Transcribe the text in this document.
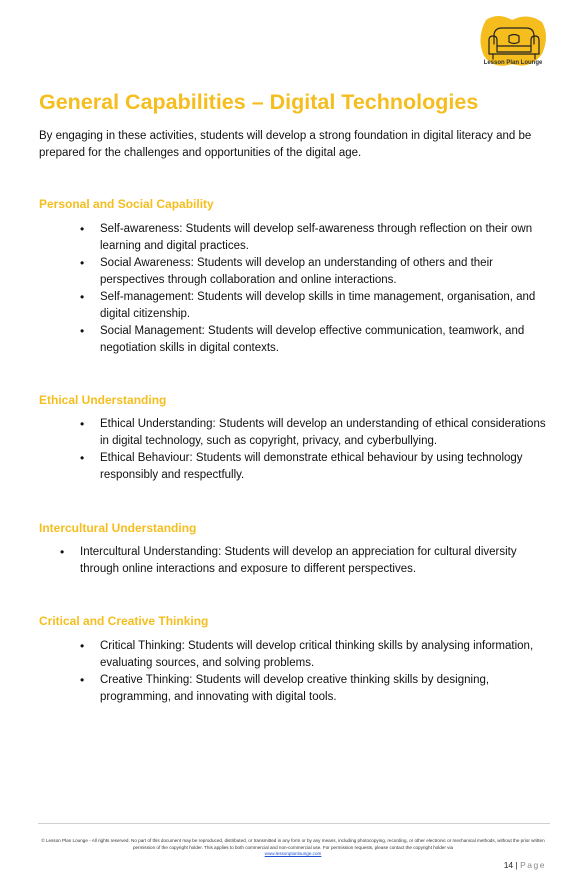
Lesson Plan Lounge
General Capabilities – Digital Technologies

By engaging in these activities, students will develop a strong foundation in digital literacy and be prepared for the challenges and opportunities of the digital age.

Personal and Social Capability
• Self-awareness: Students will develop self-awareness through reflection on their own learning and digital practices.
• Social Awareness: Students will develop an understanding of others and their perspectives through collaboration and online interactions.
• Self-management: Students will develop skills in time management, organisation, and digital citizenship.
• Social Management: Students will develop effective communication, teamwork, and negotiation skills in digital contexts.
Ethical Understanding
• Ethical Understanding: Students will develop an understanding of ethical considerations in digital technology, such as copyright, privacy, and cyberbullying.
• Ethical Behaviour: Students will demonstrate ethical behaviour by using technology responsibly and respectfully.
Intercultural Understanding
• Intercultural Understanding: Students will develop an appreciation for cultural diversity through online interactions and exposure to different perspectives.
Critical and Creative Thinking
• Critical Thinking: Students will develop critical thinking skills by analysing information, evaluating sources, and solving problems.
• Creative Thinking: Students will develop creative thinking skills by designing, programming, and innovating with digital tools.

© Lesson Plan Lounge - All rights reserved. No part of this document may be reproduced, distributed, or transmitted in any form or by any means, including photocopying, recording, or other electronic or mechanical methods, without the prior written permission of the copyright holder. This applies to both commercial and non-commercial use. For permission requests, please contact the copyright holder via
www.lessonplanlounge.com

14 | Page
